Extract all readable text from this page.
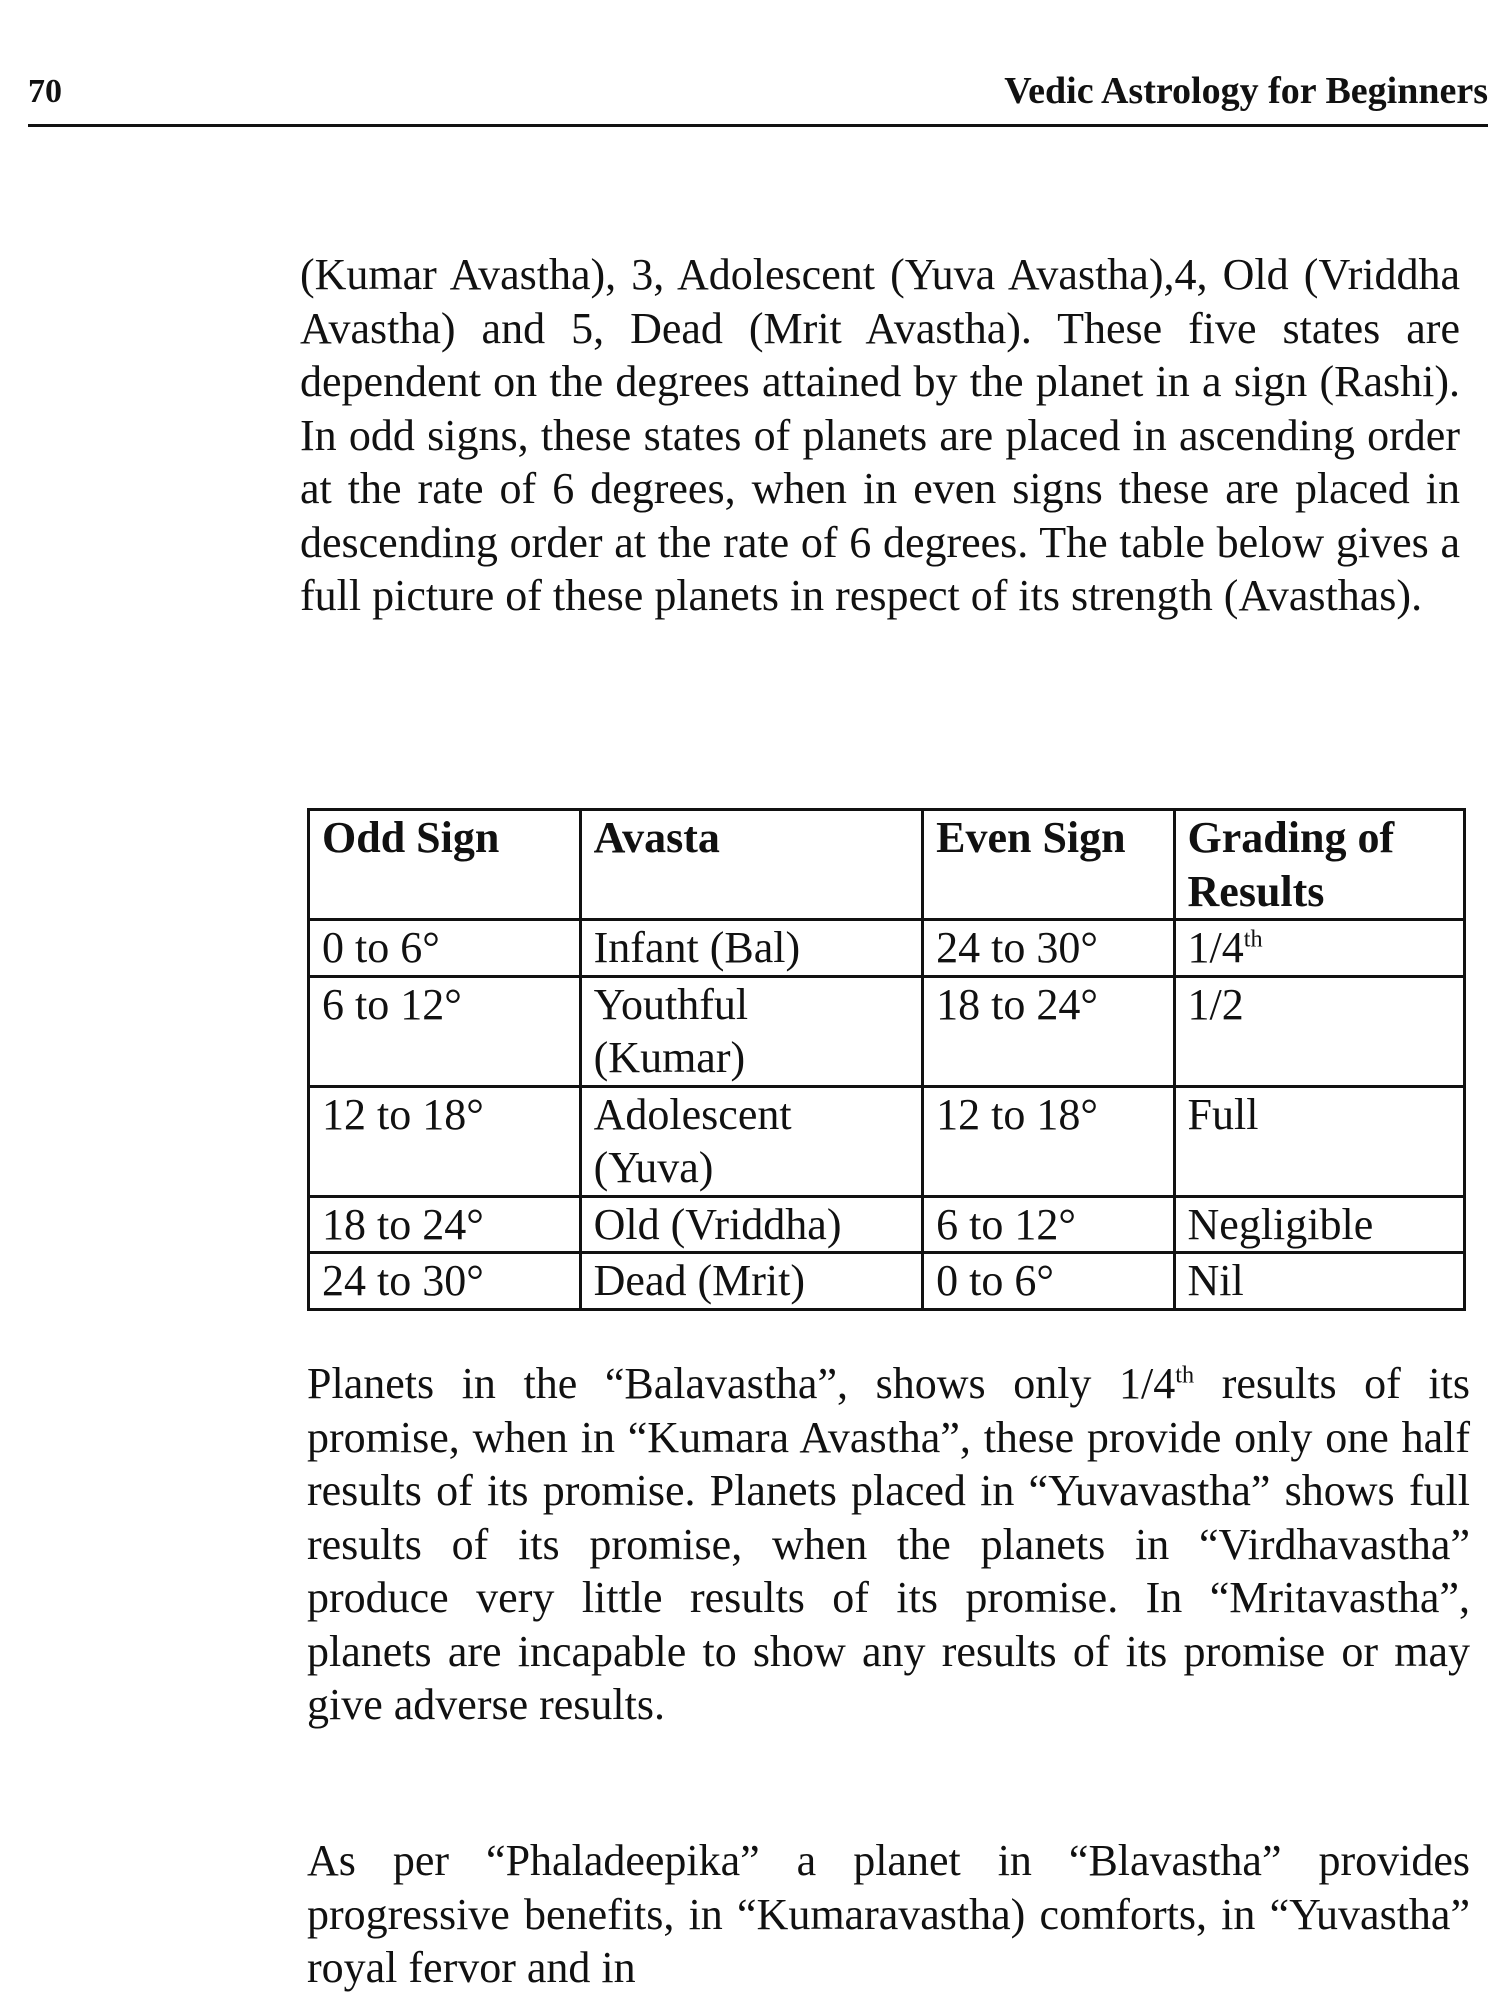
70	Vedic Astrology for Beginners

(Kumar Avastha), 3, Adolescent (Yuva Avastha),4, Old (Vriddha Avastha) and 5, Dead (Mrit Avastha). These five states are dependent on the degrees attained by the planet in a sign (Rashi). In odd signs, these states of planets are placed in ascending order at the rate of 6 degrees, when in even signs these are placed in descending order at the rate of 6 degrees. The table below gives a full picture of these planets in respect of its strength (Avasthas).

Odd Sign	Avasta	Even Sign	Grading of Results
0 to 6°	Infant (Bal)	24 to 30°	1/4th
6 to 12°	Youthful (Kumar)	18 to 24°	1/2
12 to 18°	Adolescent (Yuva)	12 to 18°	Full
18 to 24°	Old (Vriddha)	6 to 12°	Negligible
24 to 30°	Dead (Mrit)	0 to 6°	Nil

Planets in the “Balavastha”, shows only 1/4th results of its promise, when in “Kumara Avastha”, these provide only one half results of its promise. Planets placed in “Yuvavastha” shows full results of its promise, when the planets in “Virdhavastha” produce very little results of its promise. In “Mritavastha”, planets are incapable to show any results of its promise or may give adverse results.

As per “Phaladeepika” a planet in “Blavastha” provides progressive benefits, in “Kumaravastha) comforts, in “Yuvastha” royal fervor and in
